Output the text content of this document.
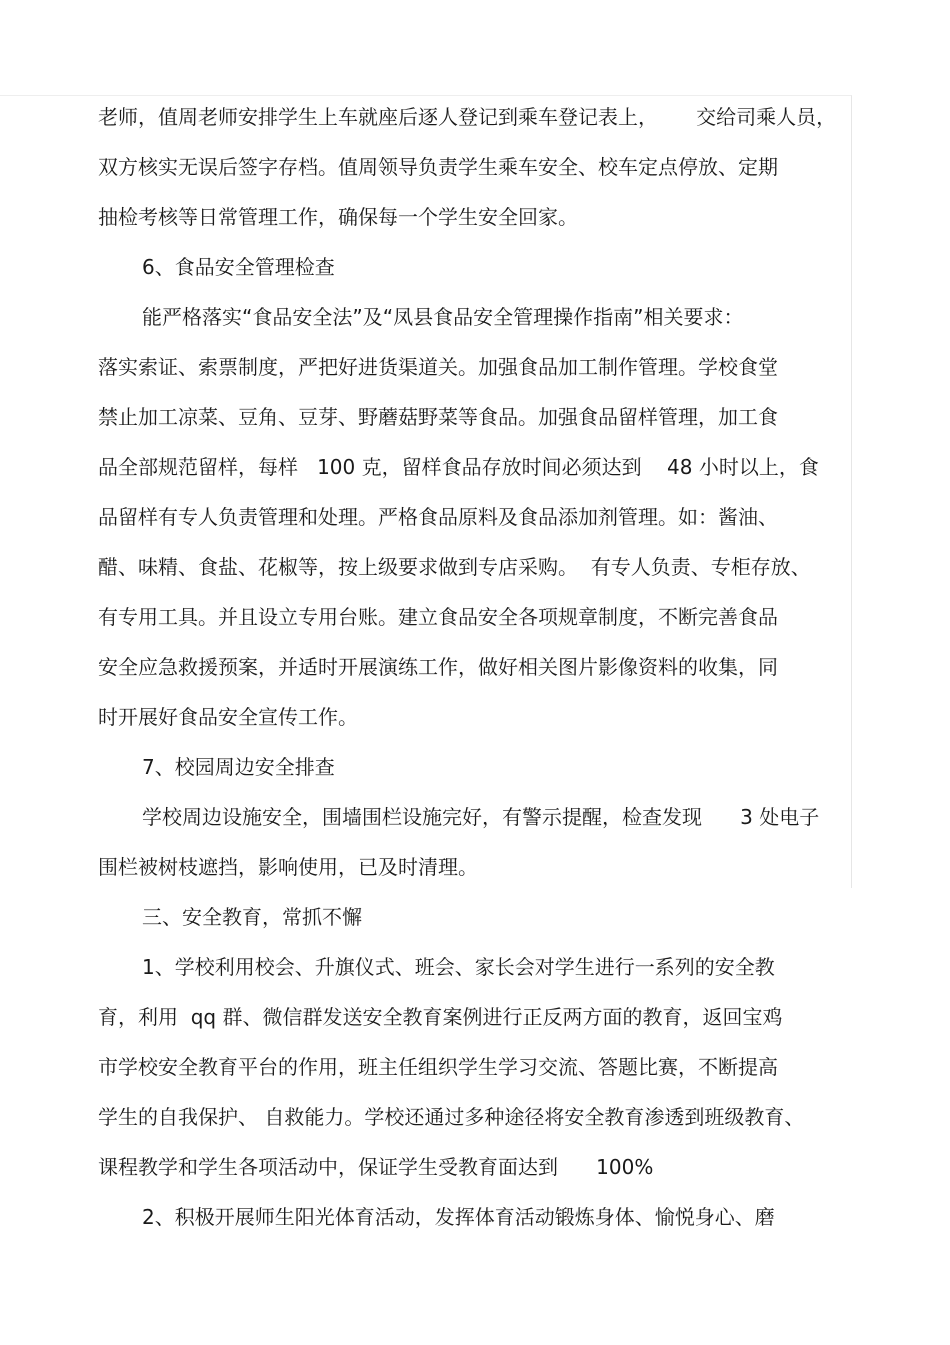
老师，值周老师安排学生上车就座后逐人登记到乘车登记表上，      交给司乘人员，
双方核实无误后签字存档。值周领导负责学生乘车安全、校车定点停放、定期
抽检考核等日常管理工作，确保每一个学生安全回家。
6、食品安全管理检查
能严格落实“食品安全法”及“凤县食品安全管理操作指南”相关要求：
落实索证、索票制度，严把好进货渠道关。加强食品加工制作管理。学校食堂
禁止加工凉菜、豆角、豆芽、野蘑菇野菜等食品。加强食品留样管理，加工食
品全部规范留样，每样   100 克，留样食品存放时间必须达到    48 小时以上，食
品留样有专人负责管理和处理。严格食品原料及食品添加剂管理。如：酱油、
醋、味精、食盐、花椒等，按上级要求做到专店采购。  有专人负责、专柜存放、
有专用工具。并且设立专用台账。建立食品安全各项规章制度，不断完善食品
安全应急救援预案，并适时开展演练工作，做好相关图片影像资料的收集，同
时开展好食品安全宣传工作。
7、校园周边安全排查
学校周边设施安全，围墙围栏设施完好，有警示提醒，检查发现      3 处电子
围栏被树枝遮挡，影响使用，已及时清理。
三、安全教育，常抓不懈
1、学校利用校会、升旗仪式、班会、家长会对学生进行一系列的安全教
育，利用  qq 群、微信群发送安全教育案例进行正反两方面的教育，返回宝鸡
市学校安全教育平台的作用，班主任组织学生学习交流、答题比赛，不断提高
学生的自我保护、 自救能力。学校还通过多种途径将安全教育渗透到班级教育、
课程教学和学生各项活动中，保证学生受教育面达到      100%
2、积极开展师生阳光体育活动，发挥体育活动锻炼身体、愉悦身心、磨
